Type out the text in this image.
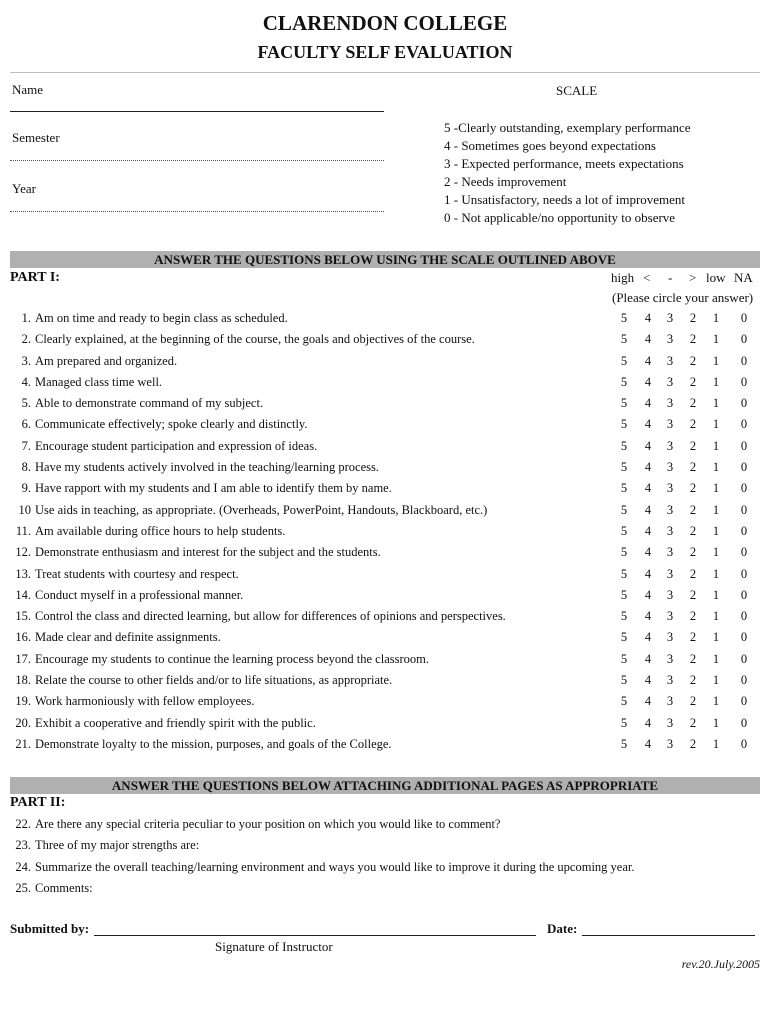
CLARENDON COLLEGE
FACULTY SELF EVALUATION
Name
Semester
Year
SCALE
5 -Clearly outstanding, exemplary performance
4 - Sometimes goes beyond expectations
3 - Expected performance, meets expectations
2 - Needs improvement
1 - Unsatisfactory, needs a lot of improvement
0 - Not applicable/no opportunity to observe
ANSWER THE QUESTIONS BELOW USING THE SCALE OUTLINED ABOVE
PART I:	high < - > low NA
(Please circle your answer)
1. Am on time and ready to begin class as scheduled.	5 4 3 2 1 0
2. Clearly explained, at the beginning of the course, the goals and objectives of the course.	5 4 3 2 1 0
3. Am prepared and organized.	5 4 3 2 1 0
4. Managed class time well.	5 4 3 2 1 0
5. Able to demonstrate command of my subject.	5 4 3 2 1 0
6. Communicate effectively; spoke clearly and distinctly.	5 4 3 2 1 0
7. Encourage student participation and expression of ideas.	5 4 3 2 1 0
8. Have my students actively involved in the teaching/learning process.	5 4 3 2 1 0
9. Have rapport with my students and I am able to identify them by name.	5 4 3 2 1 0
10 Use aids in teaching, as appropriate. (Overheads, PowerPoint, Handouts, Blackboard, etc.)	5 4 3 2 1 0
11. Am available during office hours to help students.	5 4 3 2 1 0
12. Demonstrate enthusiasm and interest for the subject and the students.	5 4 3 2 1 0
13. Treat students with courtesy and respect.	5 4 3 2 1 0
14. Conduct myself in a professional manner.	5 4 3 2 1 0
15. Control the class and directed learning, but allow for differences of opinions and perspectives.	5 4 3 2 1 0
16. Made clear and definite assignments.	5 4 3 2 1 0
17. Encourage my students to continue the learning process beyond the classroom.	5 4 3 2 1 0
18. Relate the course to other fields and/or to life situations, as appropriate.	5 4 3 2 1 0
19. Work harmoniously with fellow employees.	5 4 3 2 1 0
20. Exhibit a cooperative and friendly spirit with the public.	5 4 3 2 1 0
21. Demonstrate loyalty to the mission, purposes, and goals of the College.	5 4 3 2 1 0
ANSWER THE QUESTIONS BELOW ATTACHING ADDITIONAL PAGES AS APPROPRIATE
PART II:
22. Are there any special criteria peculiar to your position on which you would like to comment?
23. Three of my major strengths are:
24. Summarize the overall teaching/learning environment and ways you would like to improve it during the upcoming year.
25. Comments:
Submitted by:	Date:
Signature of Instructor
rev.20.July.2005
